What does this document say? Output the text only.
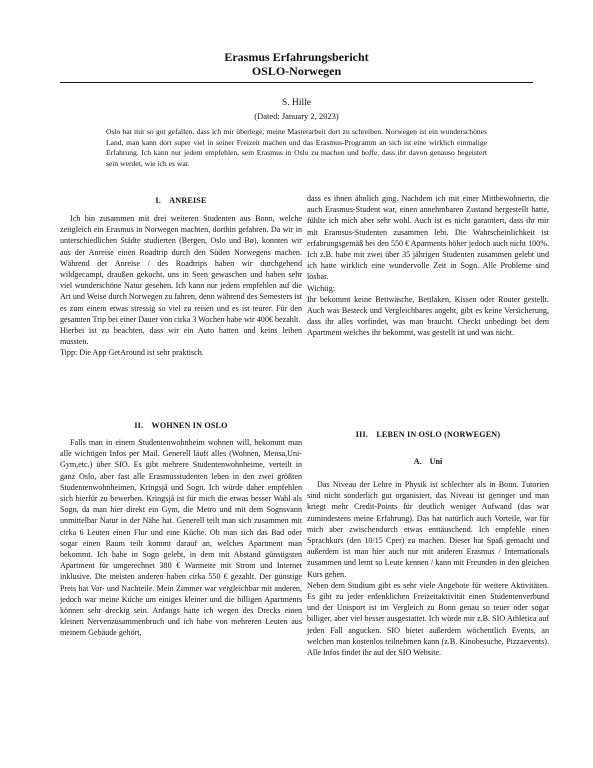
Erasmus Erfahrungsbericht
OSLO-Norwegen
S. Hille
(Dated: January 2, 2023)
Oslo hat mir so gut gefallen, dass ich mir überlege, meine Masterarbeit dort zu schreiben. Norwegen ist ein wunderschönes Land, man kann dort super viel in seiner Freizeit machen und das Erasmus-Programm an sich ist eine wirklich einmalige Erfahrung. Ich kann nur jedem empfehlen, sein Erasmus in Oslo zu machen und hoffe, dass ihr davon genauso begeistert sein werdet, wie ich es war.
I. ANREISE

Ich bin zusammen mit drei weiteren Studenten aus Bonn, welche zeitgleich ein Erasmus in Norwegen machten, dorthin gefahren. Da wir in unterschiedlichen Städte studierten (Bergen, Oslo und Bø), konnten wir aus der Anreise einen Roadtrip durch den Süden Norwegens machen. Während der Anreise / des Roadtrips haben wir durchgehend wildgecampt, draußen gekocht, uns in Seen gewaschen und haben sehr viel wunderschöne Natur gesehen. Ich kann nur jedem empfehlen auf die Art und Weise durch Norwegen zu fahren, denn während des Semesters ist es zum einem etwas stressig so viel zu reisen und es ist teurer. Für den gesamten Trip bei einer Dauer von cirka 3 Wochen habe wir 400€ bezahlt.

Hierbei ist zu beachten, dass wir ein Auto hatten und keins leihen mussten.

Tipp: Die App GetAround ist sehr praktisch.

II. WOHNEN IN OSLO

Falls man in einem Studentenwohnheim wohnen will, bekommt man alle wichtigen Infos per Mail. Generell läuft alles (Wohnen, Mensa,Uni-Gym,etc.) über SIO. Es gibt mehrere Studentenwohnheime, verteilt in ganz Oslo, aber fast alle Erasmusstudenten leben in den zwei größten Studentenwohnheimen, Kringsjå und Sogn. Ich würde daher empfehlen sich hierfür zu bewerben. Kringsjå ist für mich die etwas besser Wahl als Sogn, da man hier direkt ein Gym, die Metro und mit dem Sognsvann unmittelbar Natur in der Nähe hat. Generell teilt man sich zusammen mit cirka 6 Leuten einen Flur und eine Küche. Ob man sich das Bad oder sogar einen Raum teilt kommt darauf an, welches Apartment man bekommt. Ich habe in Sogn gelebt, in dem mit Abstand günstigsten Apartment für umgerechnet 380 € Warmeite mit Strom und Internet inklusive. Die meisten anderen haben cirka 550 € gezahlt. Der günstige Preis hat Vor- und Nachteile. Mein Zimmer war vergleichbar mit anderen, jedoch war meine Küche um einiges kleiner und die billigen Apartments können sehr dreckig sein. Anfangs hatte ich wegen des Drecks einen kleinen Nervenzusammenbruch und ich habe von mehreren Leuten aus meinem Gebäude gehört,

dass es ihnen ähnlich ging. Nachdem ich mit einer Mittbewohnerin, die auch Erasmus-Student war, einen annehmbaren Zustand hergestellt hatte, fühlte ich mich aber sehr wohl. Auch ist es nicht garantiert, dass ihr mir mit Eramsus-Studenten zusammen lebt. Die Wahrscheinlichkeit ist erfahrungsgemäß bei den 550 € Aparments höher jedoch auch nicht 100%. Ich z.B. habe mit zwei über 35 jährigen Studenten zusammen gelebt und ich hatte wirklich eine wundervolle Zeit in Sogn. Alle Probleme sind lösbar.

Wichtig:

Ihr bekommt keine Bettwäsche, Bettlaken, Kissen oder Router gestellt. Auch was Besteck und Vergleichbares angeht, gibt es keine Versicherung, dass ihr alles vorfindet, was man braucht. Checkt unbedingt bei dem Apartment welches ihr bekommt, was gestellt ist und was nicht.

III. LEBEN IN OSLO (NORWEGEN)
A. Uni

Das Niveau der Lehre in Physik ist schlechter als in Bonn. Tutorien sind nicht sonderlich gut organisiert, das Niveau ist geringer und man kriegt mehr Credit-Points für deutlich weniger Aufwand (das war zumindestens meine Erfahrung). Das hat natürlich auch Vorteile, war für mich aber zwischendurch etwas enttäuschend. Ich empfehle einen Sprachkurs (den 10/15 Cper) zu machen. Dieser hat Spaß gemacht und außerdem ist man hier auch nur mit anderen Erasmus / Internationals zusammen und lernt so Leute kennen / kann mit Freunden in den gleichen Kurs gehen.

Neben dem Studium gibt es sehr viele Angebote für weitere Aktivitäten. Es gibt zu jeder erdenklichen Freizeitaktivität einen Studentenverbund und der Unisport ist im Vergleich zu Bonn genau so teuer oder sogar billiger, aber viel besser ausgestattet. Ich würde mir z.B. SIO Athletica auf jeden Fall angucken. SIO bietet außerdem wöchentlich Events, an welchen man kostenlos teilnehmen kann (z.B. Kinobesuche, Pizzaevents). Alle Infos findet ihr auf der SIO Website.
